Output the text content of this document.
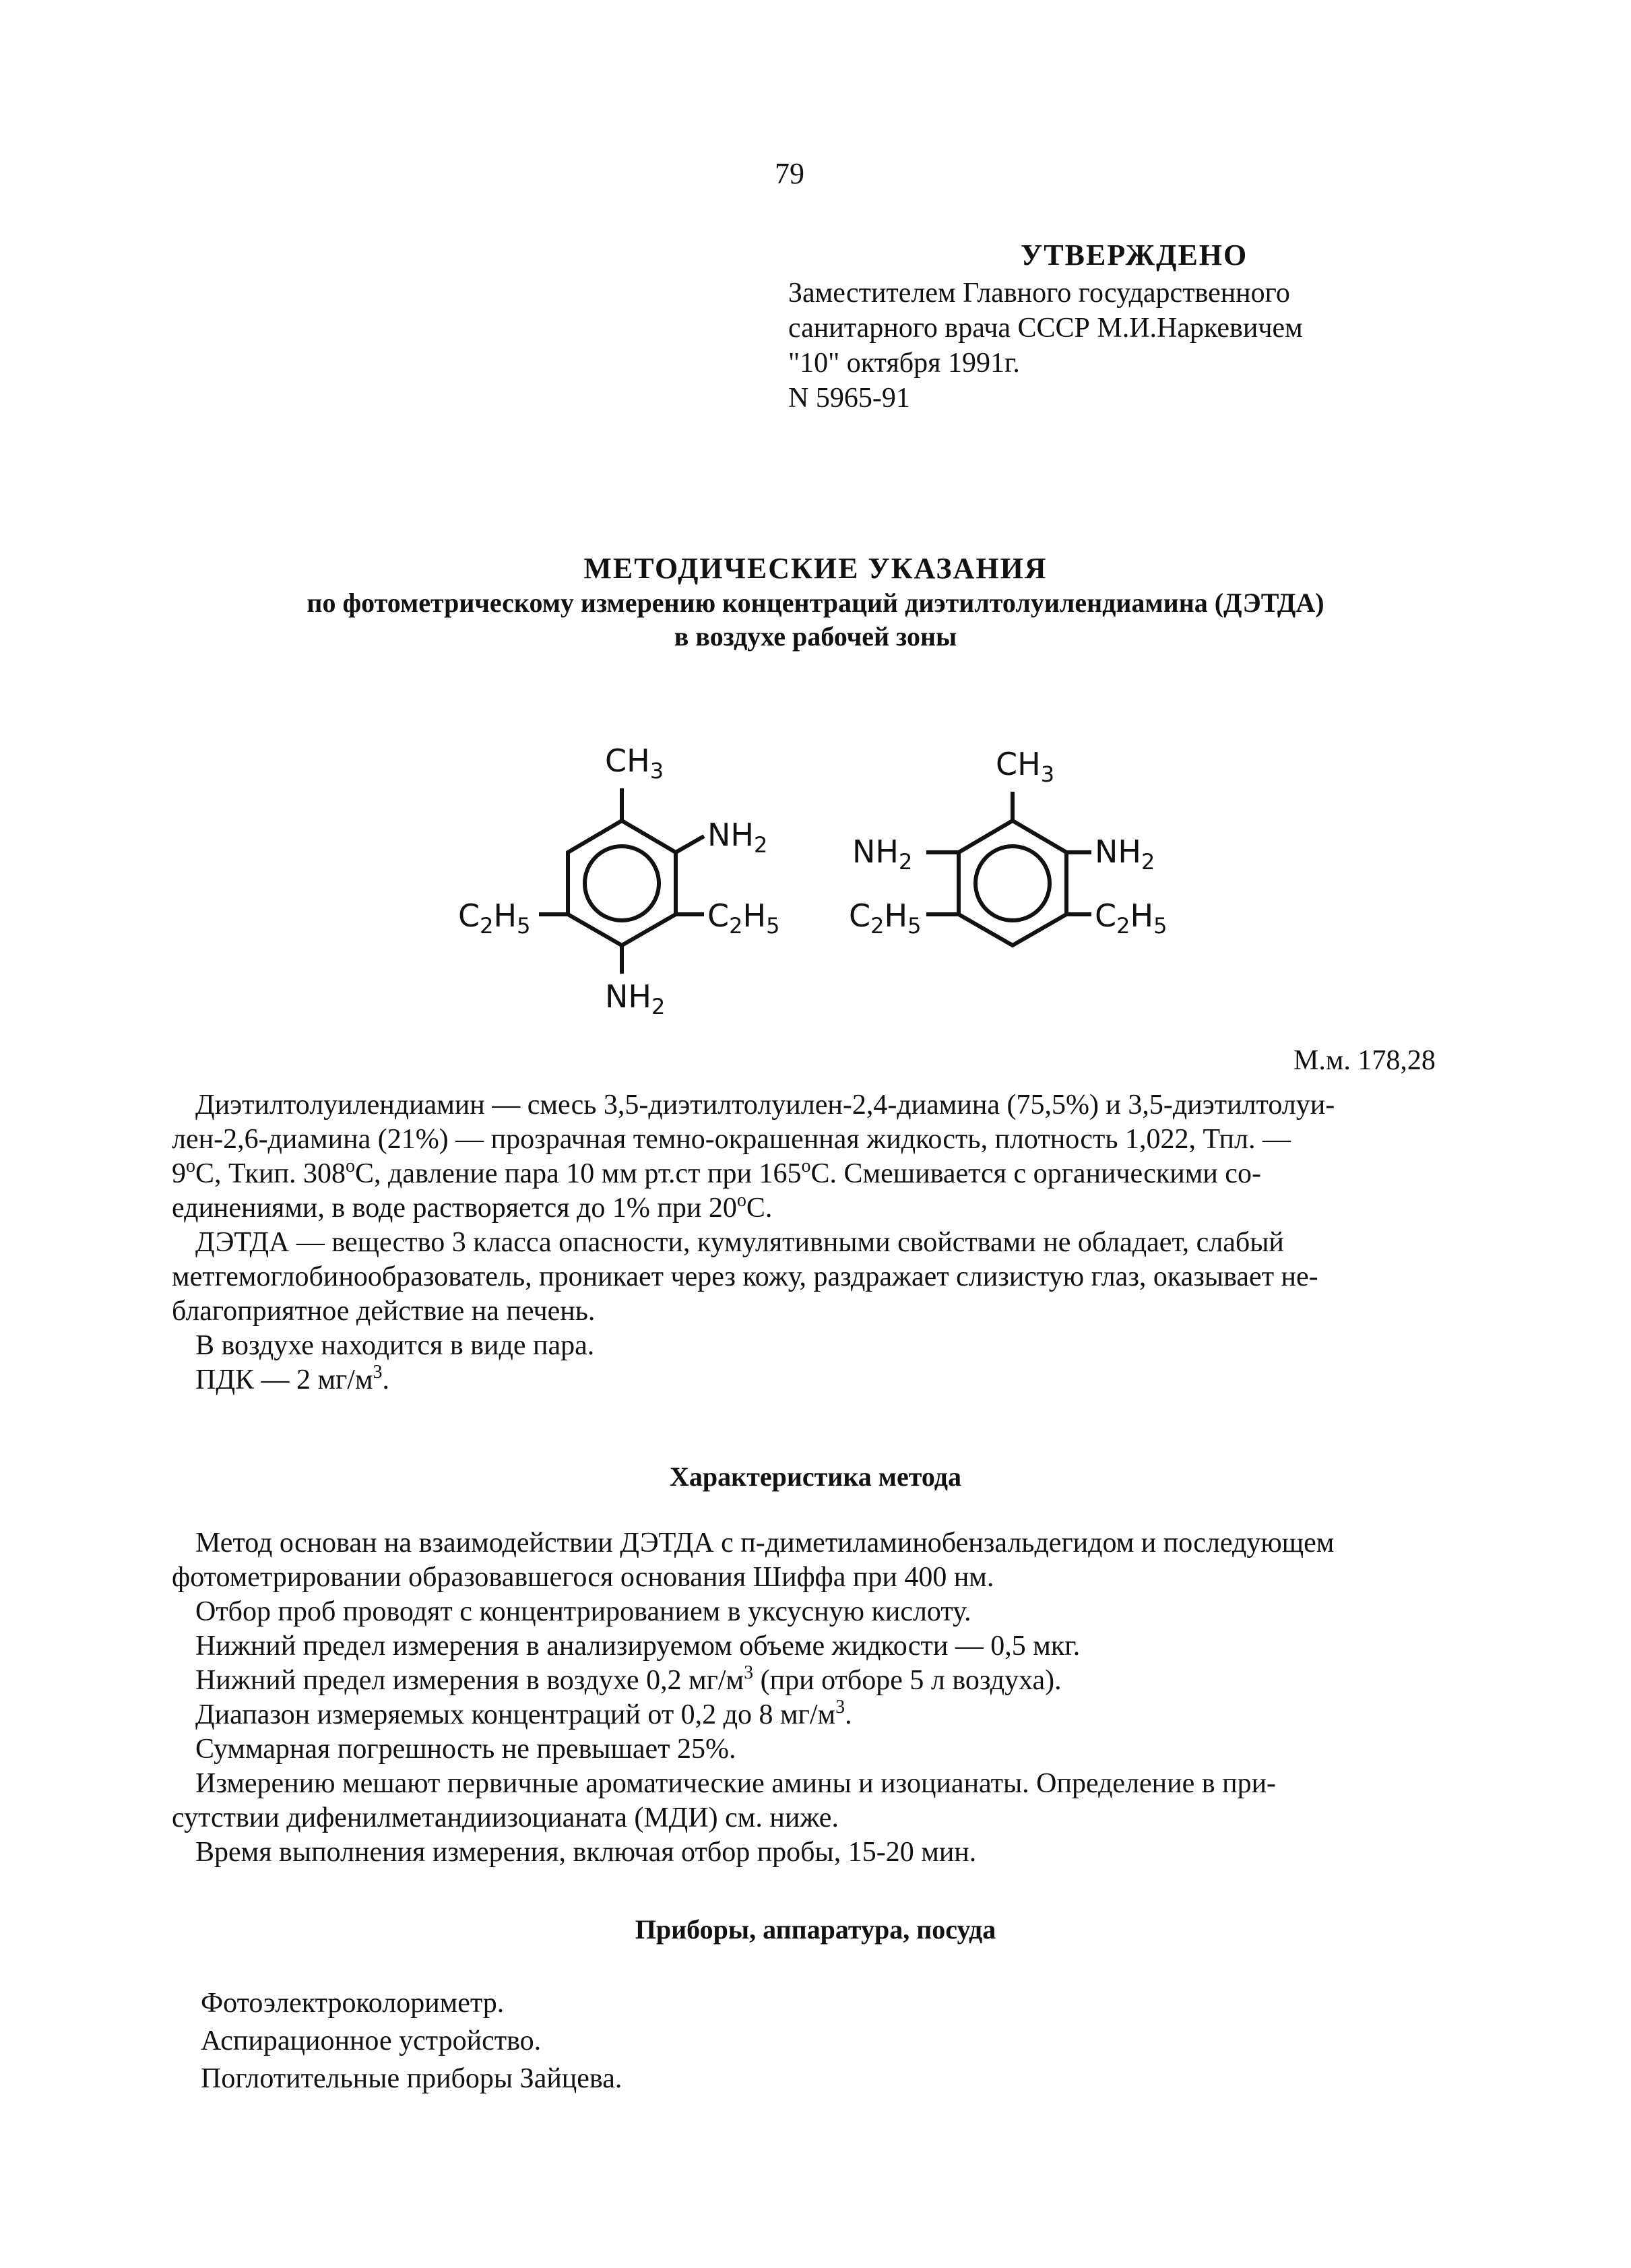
79
УТВЕРЖДЕНО
Заместителем Главного государственного
санитарного врача СССР М.И.Наркевичем
"10" октября 1991г.
N 5965-91
МЕТОДИЧЕСКИЕ УКАЗАНИЯ
по фотометрическому измерению концентраций диэтилтолуилендиамина (ДЭТДА)
в воздухе рабочей зоны
$CH_3$
$NH_2$
$C_2H_5$
$C_2H_5$
$NH_2$
$CH_3$
$NH_2$	$NH_2$
$C_2H_5$	$C_2H_5$
М.м. 178,28
Диэтилтолуилендиамин — смесь 3,5-диэтилтолуилен-2,4-диамина (75,5%) и 3,5-диэтилтолуи-
лен-2,6-диамина (21%) — прозрачная темно-окрашенная жидкость, плотность 1,022, Тпл. —
$9^оС$, Ткип. $308^оС$, давление пара 10 мм рт.ст при $165^оС$. Смешивается с органическими со-
единениями, в воде растворяется до 1% при $20^оС$.
ДЭТДА — вещество 3 класса опасности, кумулятивными свойствами не обладает, слабый
метгемоглобинообразователь, проникает через кожу, раздражает слизистую глаз, оказывает не-
благоприятное действие на печень.
В воздухе находится в виде пара.
ПДК — 2 $мг/м^3$.
Характеристика метода
Метод основан на взаимодействии ДЭТДА с п-диметиламинобензальдегидом и последующем
фотометрировании образовавшегося основания Шиффа при 400 нм.
Отбор проб проводят с концентрированием в уксусную кислоту.
Нижний предел измерения в анализируемом объеме жидкости — 0,5 мкг.
Нижний предел измерения в воздухе 0,2 $мг/м^3$ (при отборе 5 л воздуха).
Диапазон измеряемых концентраций от 0,2 до 8 $мг/м^3$.
Суммарная погрешность не превышает 25%.
Измерению мешают первичные ароматические амины и изоцианаты. Определение в при-
сутствии дифенилметандиизоцианата (МДИ) см. ниже.
Время выполнения измерения, включая отбор пробы, 15-20 мин.
Приборы, аппаратура, посуда
Фотоэлектроколориметр.
Аспирационное устройство.
Поглотительные приборы Зайцева.
